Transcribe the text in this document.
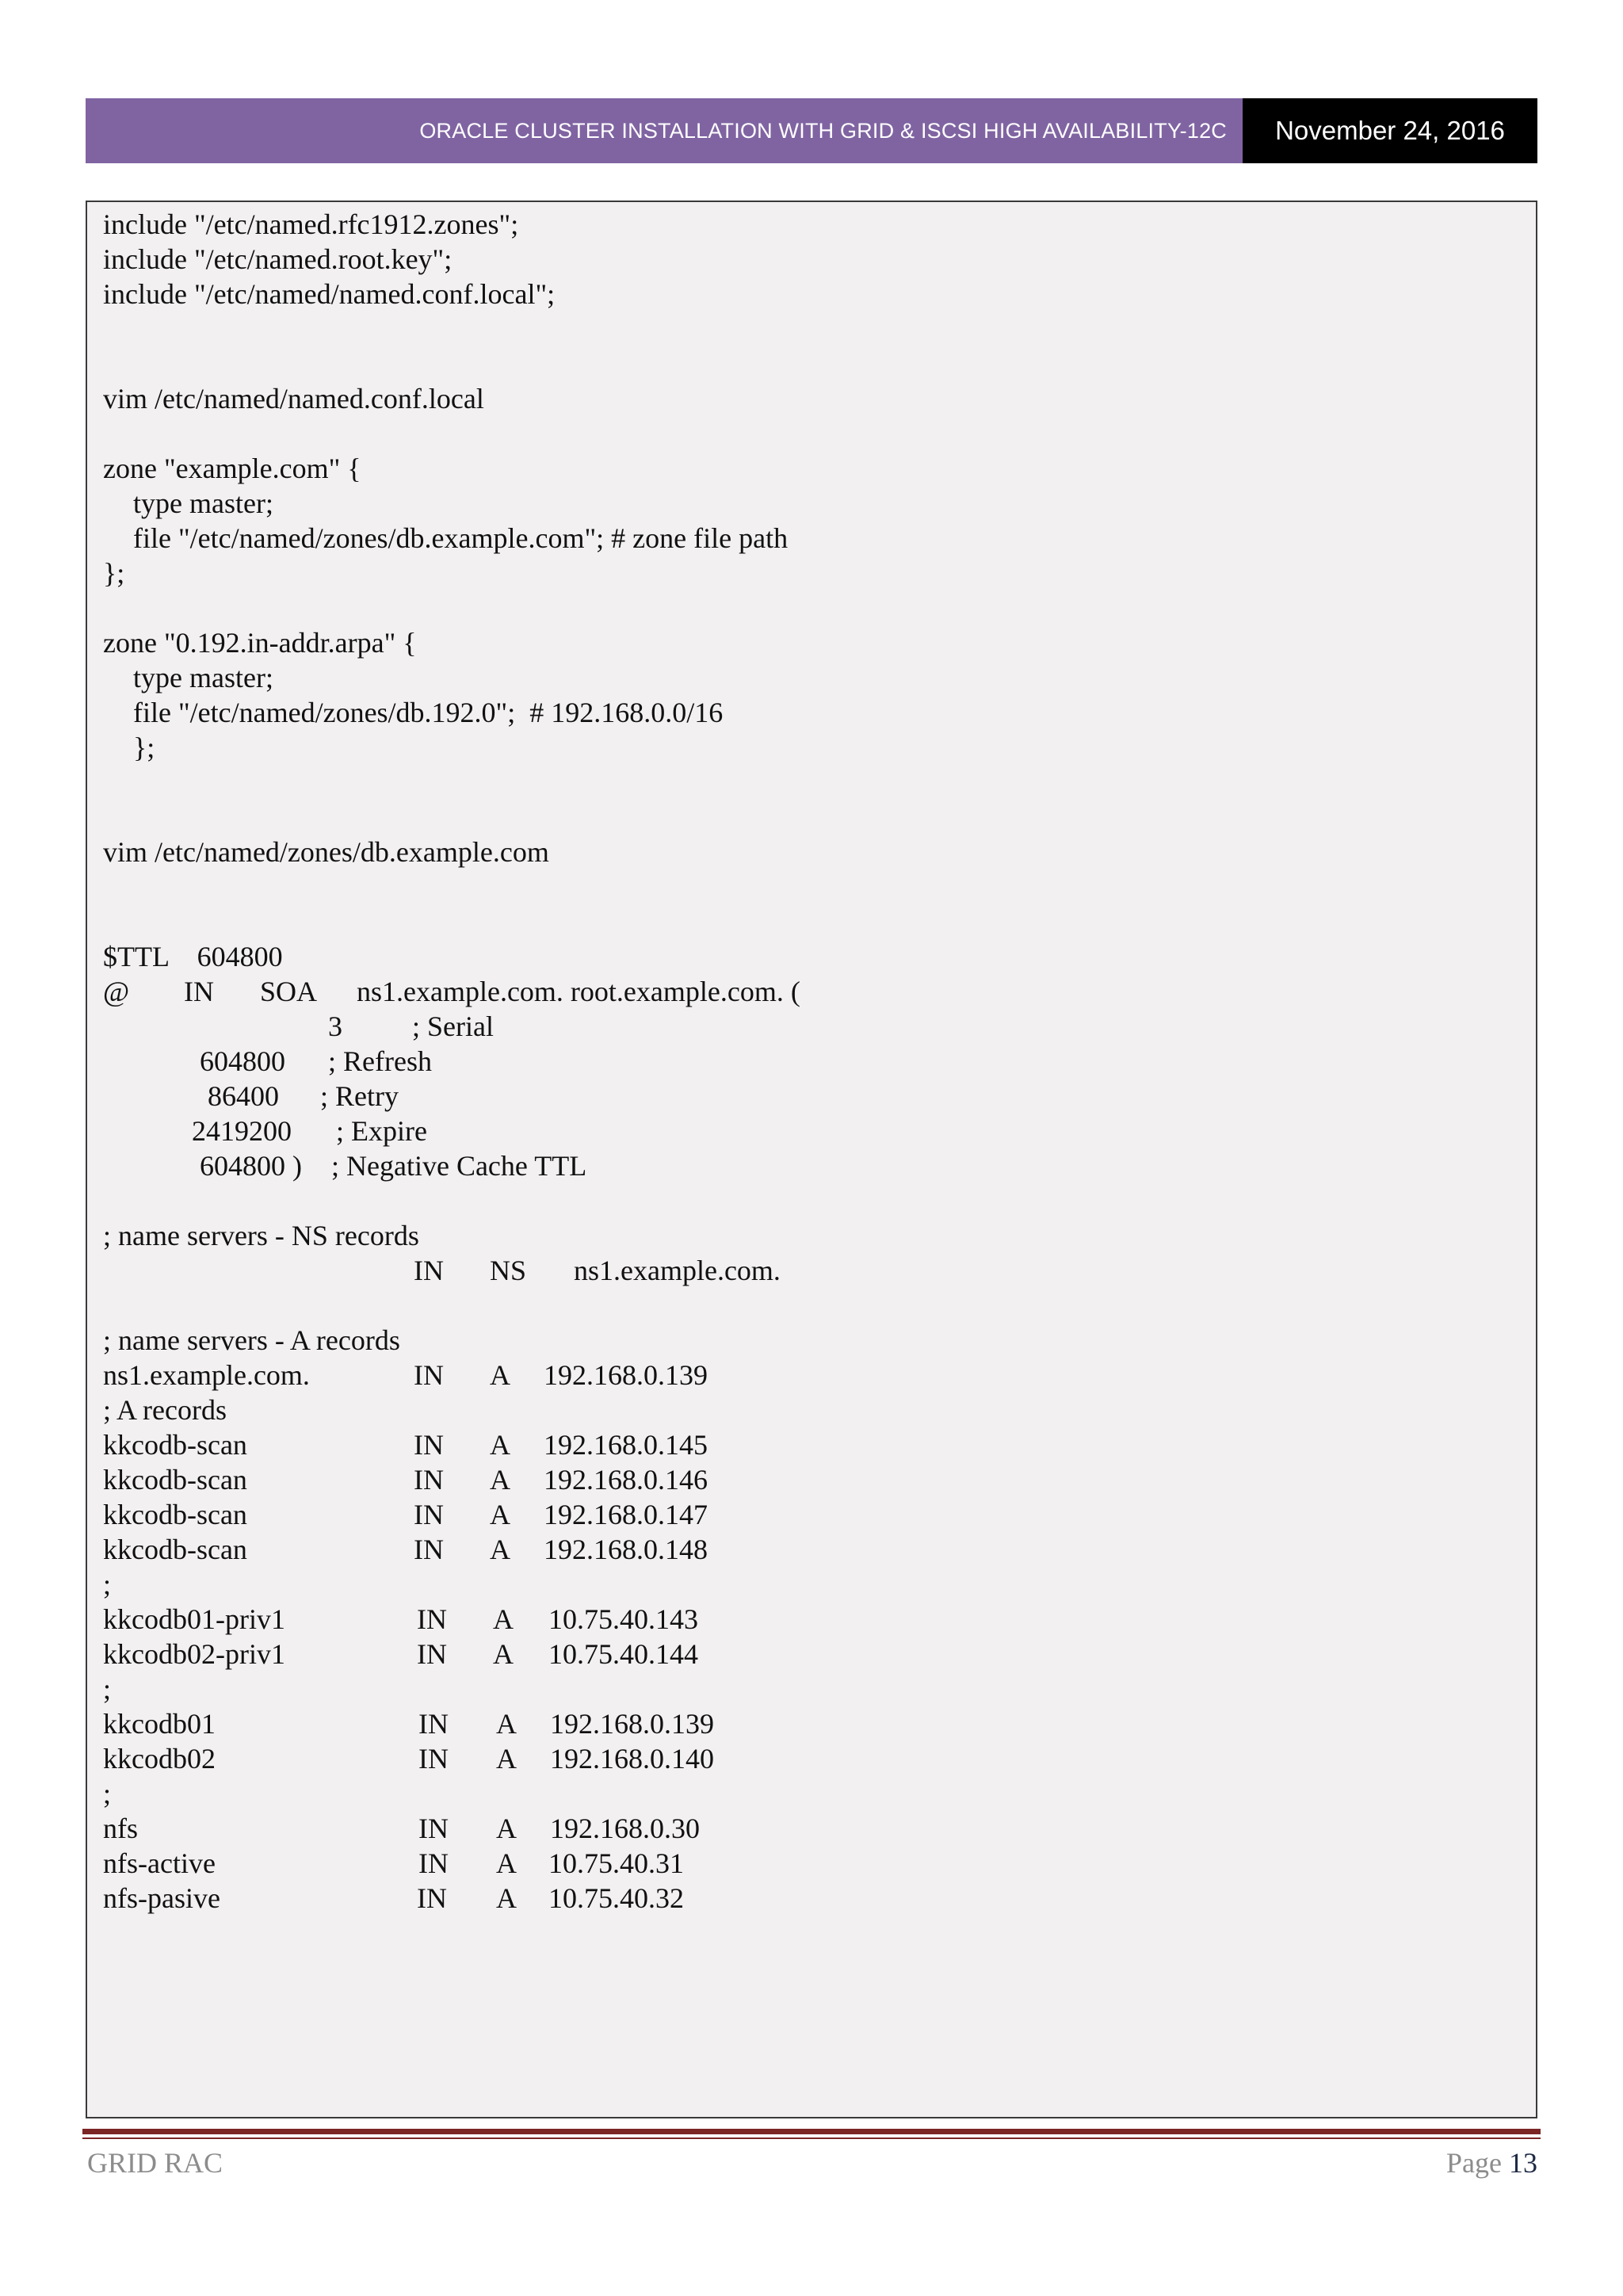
ORACLE CLUSTER INSTALLATION WITH GRID & ISCSI HIGH AVAILABILITY-12C	November 24, 2016
include "/etc/named.rfc1912.zones";
include "/etc/named.root.key";
include "/etc/named/named.conf.local";
vim /etc/named/named.conf.local
zone "example.com" {
type master;
file "/etc/named/zones/db.example.com"; # zone file path
};
zone "0.192.in-addr.arpa" {
type master;
file "/etc/named/zones/db.192.0";  # 192.168.0.0/16
};
vim /etc/named/zones/db.example.com
$TTL    604800
@ IN SOA ns1.example.com. root.example.com. (
3 ; Serial
604800 ; Refresh
86400 ; Retry
2419200 ; Expire
604800 ) ; Negative Cache TTL
; name servers - NS records
IN NS ns1.example.com.
; name servers - A records
ns1.example.com.	IN A 192.168.0.139
; A records
kkcodb-scan	IN A 192.168.0.145
kkcodb-scan	IN A 192.168.0.146
kkcodb-scan	IN A 192.168.0.147
kkcodb-scan	IN A 192.168.0.148
;
kkcodb01-priv1	IN A 10.75.40.143
kkcodb02-priv1	IN A 10.75.40.144
;
kkcodb01	IN A 192.168.0.139
kkcodb02	IN A 192.168.0.140
;
nfs	IN A 192.168.0.30
nfs-active	IN A 10.75.40.31
nfs-pasive	IN A 10.75.40.32
GRID RAC	Page 13
